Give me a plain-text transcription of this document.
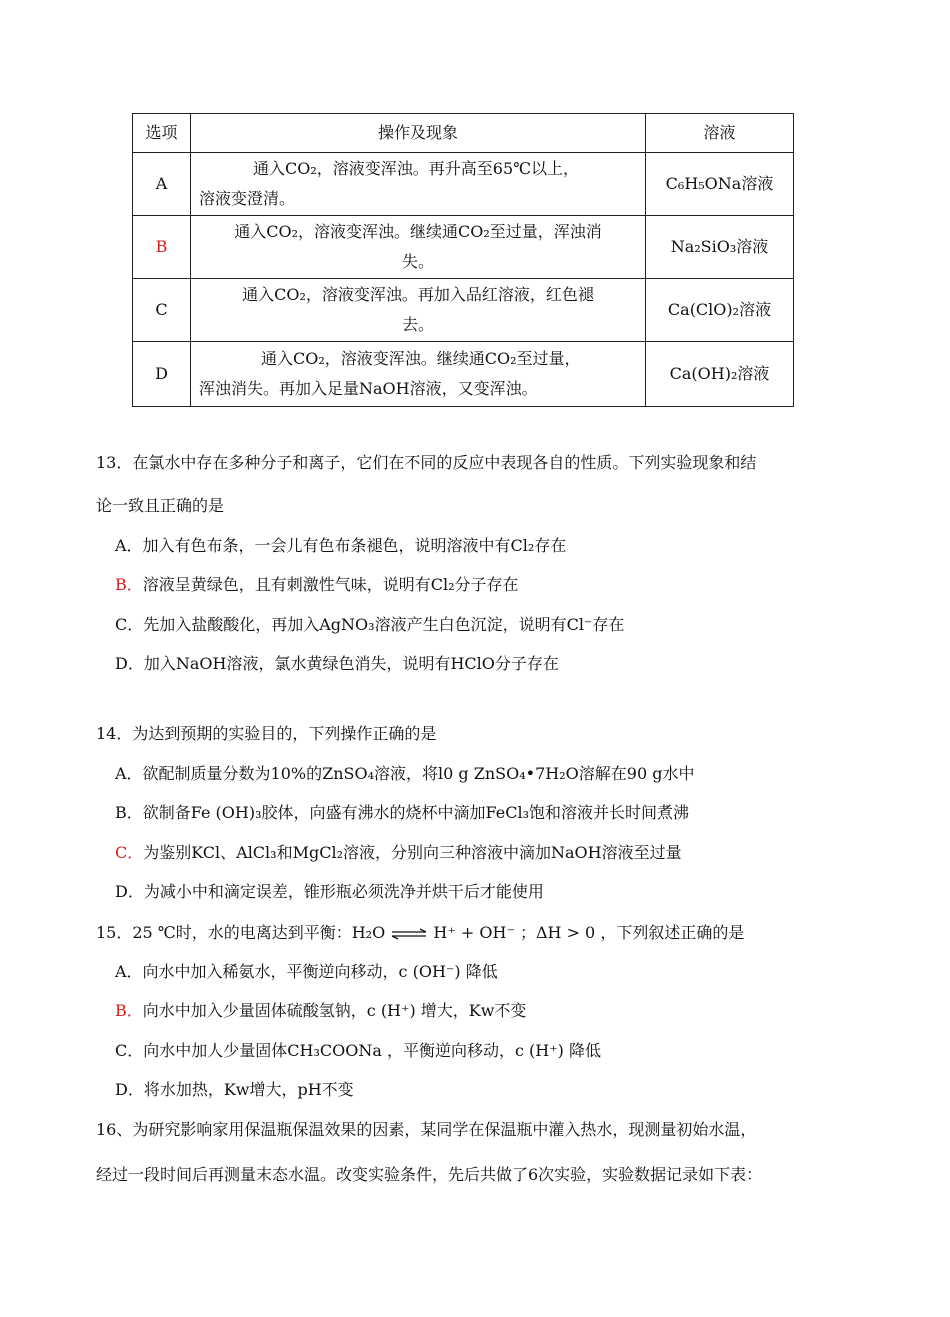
选项	操作及现象	溶液
A	通入CO₂，溶液变浑浊。再升高至65℃以上，
溶液变澄清。	C₆H₅ONa溶液
B	通入CO₂，溶液变浑浊。继续通CO₂至过量，浑浊消
失。	Na₂SiO₃溶液
C	通入CO₂，溶液变浑浊。再加入品红溶液，红色褪
去。	Ca(ClO)₂溶液
D	通入CO₂，溶液变浑浊。继续通CO₂至过量，
浑浊消失。再加入足量NaOH溶液，又变浑浊。	Ca(OH)₂溶液
13．在氯水中存在多种分子和离子，它们在不同的反应中表现各自的性质。下列实验现象和结
论一致且正确的是
A．加入有色布条，一会儿有色布条褪色，说明溶液中有Cl₂存在
B．溶液呈黄绿色，且有刺激性气味，说明有Cl₂分子存在
C．先加入盐酸酸化，再加入AgNO₃溶液产生白色沉淀，说明有Cl⁻存在
D．加入NaOH溶液，氯水黄绿色消失，说明有HClO分子存在
14．为达到预期的实验目的，下列操作正确的是
A．欲配制质量分数为10%的ZnSO₄溶液，将l0 g ZnSO₄•7H₂O溶解在90 g水中
B．欲制备Fe (OH)₃胶体，向盛有沸水的烧杯中滴加FeCl₃饱和溶液并长时间煮沸
C．为鉴别KCl、AlCl₃和MgCl₂溶液，分别向三种溶液中滴加NaOH溶液至过量
D．为减小中和滴定误差，锥形瓶必须洗净并烘干后才能使用
15．25 ℃时，水的电离达到平衡：H₂O ⇌ H⁺ + OH⁻ ；ΔH > 0 ，下列叙述正确的是
A．向水中加入稀氨水，平衡逆向移动，c (OH⁻) 降低
B．向水中加入少量固体硫酸氢钠，c (H⁺) 增大，Kw不变
C．向水中加人少量固体CH₃COONa ，平衡逆向移动，c (H⁺) 降低
D．将水加热，Kw增大，pH不变
16、为研究影响家用保温瓶保温效果的因素，某同学在保温瓶中灌入热水，现测量初始水温，
经过一段时间后再测量末态水温。改变实验条件，先后共做了6次实验，实验数据记录如下表：
